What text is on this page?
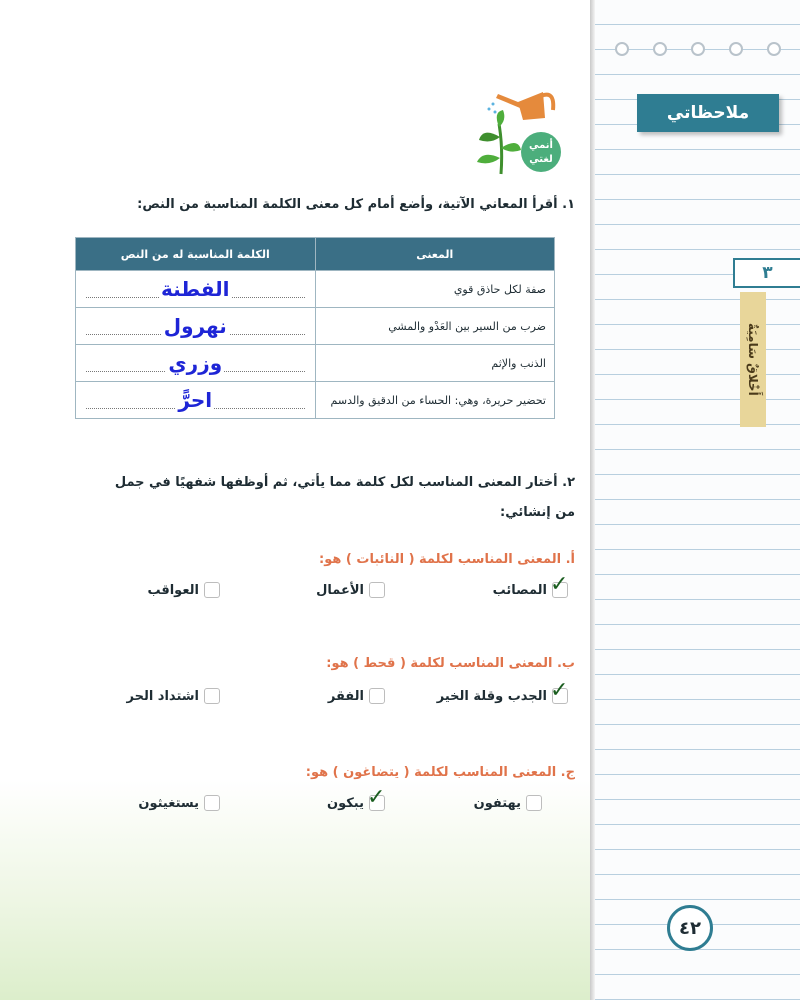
ملاحظاتي
٣
أَخْلاقٌ سَامِيَةٌ
٤٢
أنمي
لغتي
١. أقرأ المعاني الآتية، وأضع أمام كل معنى الكلمة المناسبة من النص:
المعنى	الكلمة المناسبة له من النص
صفة لكل حاذق قوي	الفطنة
ضرب من السير بين العَدْو والمشي	نهرول
الذنب والإثم	وزري
تحضير حريرة، وهي: الحساء من الدقيق والدسم	احرًّ
٢. أختار المعنى المناسب لكل كلمة مما يأتي، ثم أوظفها شفهيًا في جمل من إنشائي:
أ. المعنى المناسب لكلمة ( النائبات ) هو:
✓
المصائب
الأعمال
العواقب
ب. المعنى المناسب لكلمة ( قحط ) هو:
✓
الجدب وقلة الخير
الفقر
اشتداد الحر
ج. المعنى المناسب لكلمة ( يتضاغون ) هو:
يهتفون
✓
يبكون
يستغيثون
